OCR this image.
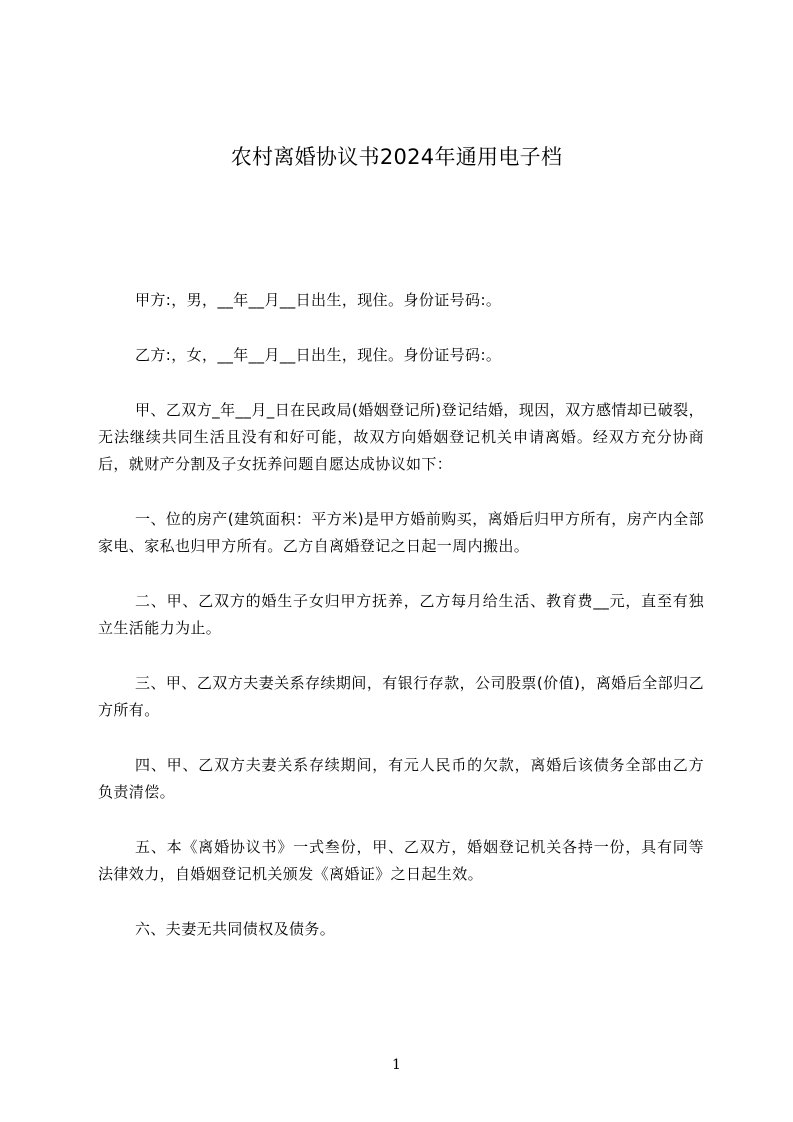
农村离婚协议书2024年通用电子档

甲方:，男，__年__月__日出生，现住。身份证号码:。

乙方:，女，__年__月__日出生，现住。身份证号码:。

甲、乙双方_年__月_日在民政局(婚姻登记所)登记结婚，现因，双方感情却已破裂，无法继续共同生活且没有和好可能，故双方向婚姻登记机关申请离婚。经双方充分协商后，就财产分割及子女抚养问题自愿达成协议如下：

一、位的房产(建筑面积：平方米)是甲方婚前购买，离婚后归甲方所有，房产内全部家电、家私也归甲方所有。乙方自离婚登记之日起一周内搬出。

二、甲、乙双方的婚生子女归甲方抚养，乙方每月给生活、教育费__元，直至有独立生活能力为止。

三、甲、乙双方夫妻关系存续期间，有银行存款，公司股票(价值)，离婚后全部归乙方所有。

四、甲、乙双方夫妻关系存续期间，有元人民币的欠款，离婚后该债务全部由乙方负责清偿。

五、本《离婚协议书》一式叁份，甲、乙双方，婚姻登记机关各持一份，具有同等法律效力，自婚姻登记机关颁发《离婚证》之日起生效。

六、夫妻无共同债权及债务。

1
